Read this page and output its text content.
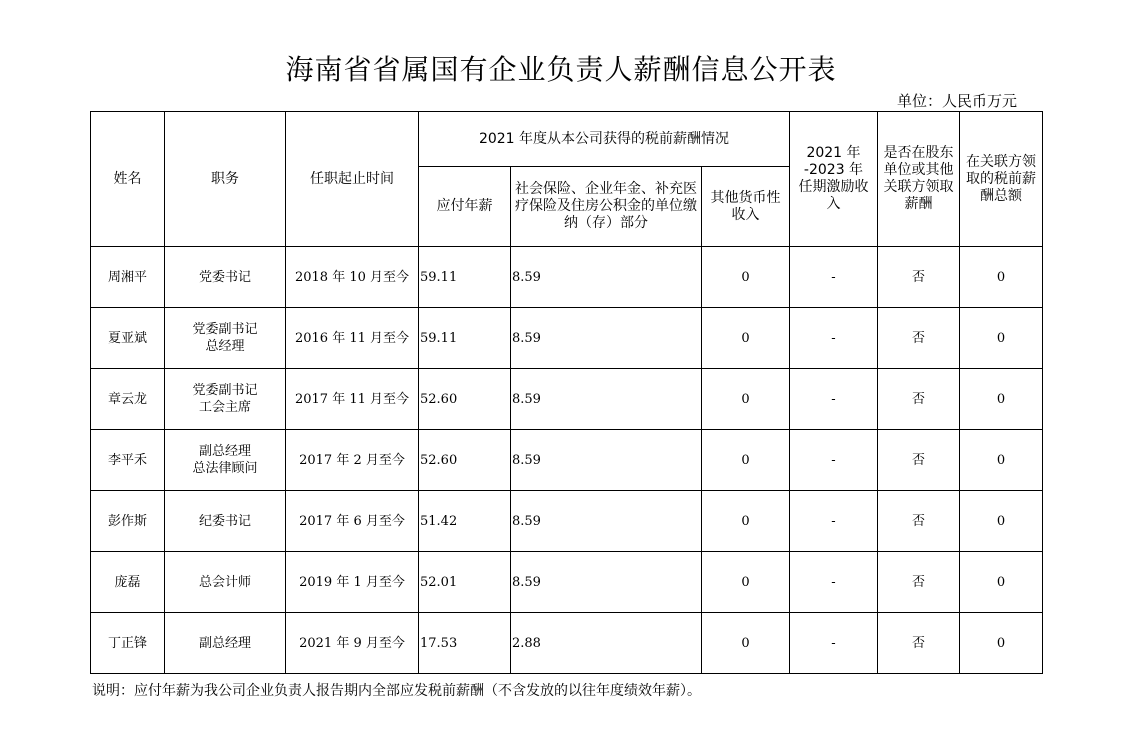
海南省省属国有企业负责人薪酬信息公开表
单位：人民币万元
姓名	职务	任职起止时间	2021 年度从本公司获得的税前薪酬情况			2021 年
-2023 年
任期激励收入	是否在股东单位或其他关联方领取薪酬	在关联方领取的税前薪酬总额
			应付年薪	社会保险、企业年金、补充医疗保险及住房公积金的单位缴纳（存）部分	其他货币性收入			
周湘平	党委书记	2018 年 10 月至今	59.11	8.59	0	-	否	0
夏亚斌	党委副书记
总经理	2016 年 11 月至今	59.11	8.59	0	-	否	0
章云龙	党委副书记
工会主席	2017 年 11 月至今	52.60	8.59	0	-	否	0
李平禾	副总经理
总法律顾问	2017 年 2 月至今	52.60	8.59	0	-	否	0
彭作斯	纪委书记	2017 年 6 月至今	51.42	8.59	0	-	否	0
庞磊	总会计师	2019 年 1 月至今	52.01	8.59	0	-	否	0
丁正锋	副总经理	2021 年 9 月至今	17.53	2.88	0	-	否	0
说明：应付年薪为我公司企业负责人报告期内全部应发税前薪酬（不含发放的以往年度绩效年薪）。
